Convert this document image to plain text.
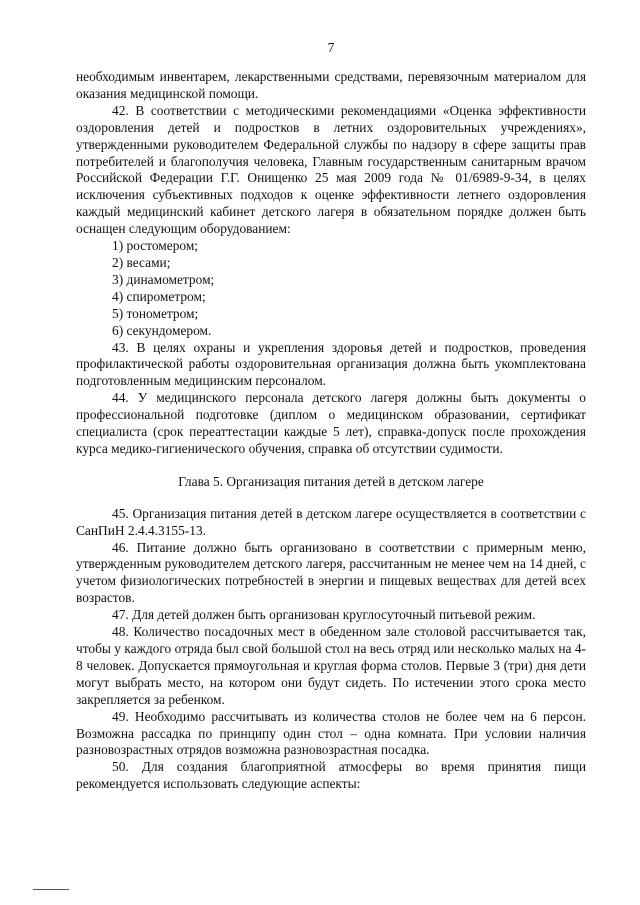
7

необходимым инвентарем, лекарственными средствами, перевязочным материалом для оказания медицинской помощи.

42. В соответствии с методическими рекомендациями «Оценка эффективности оздоровления детей и подростков в летних оздоровительных учреждениях», утвержденными руководителем Федеральной службы по надзору в сфере защиты прав потребителей и благополучия человека, Главным государственным санитарным врачом Российской Федерации Г.Г. Онищенко 25 мая 2009 года № 01/6989-9-34, в целях исключения субъективных подходов к оценке эффективности летнего оздоровления каждый медицинский кабинет детского лагеря в обязательном порядке должен быть оснащен следующим оборудованием:

1) ростомером;

2) весами;

3) динамометром;

4) спирометром;

5) тонометром;

6) секундомером.

43. В целях охраны и укрепления здоровья детей и подростков, проведения профилактической работы оздоровительная организация должна быть укомплектована подготовленным медицинским персоналом.

44. У медицинского персонала детского лагеря должны быть документы о профессиональной подготовке (диплом о медицинском образовании, сертификат специалиста (срок переаттестации каждые 5 лет), справка-допуск после прохождения курса медико-гигиенического обучения, справка об отсутствии судимости.

Глава 5. Организация питания детей в детском лагере

45. Организация питания детей в детском лагере осуществляется в соответствии с СанПиН 2.4.4.3155-13.

46. Питание должно быть организовано в соответствии с примерным меню, утвержденным руководителем детского лагеря, рассчитанным не менее чем на 14 дней, с учетом физиологических потребностей в энергии и пищевых веществах для детей всех возрастов.

47. Для детей должен быть организован круглосуточный питьевой режим.

48. Количество посадочных мест в обеденном зале столовой рассчитывается так, чтобы у каждого отряда был свой большой стол на весь отряд или несколько малых на 4-8 человек. Допускается прямоугольная и круглая форма столов. Первые 3 (три) дня дети могут выбрать место, на котором они будут сидеть. По истечении этого срока место закрепляется за ребенком.

49. Необходимо рассчитывать из количества столов не более чем на 6 персон. Возможна рассадка по принципу один стол – одна комната. При условии наличия разновозрастных отрядов возможна разновозрастная посадка.

50. Для создания благоприятной атмосферы во время принятия пищи рекомендуется использовать следующие аспекты:
